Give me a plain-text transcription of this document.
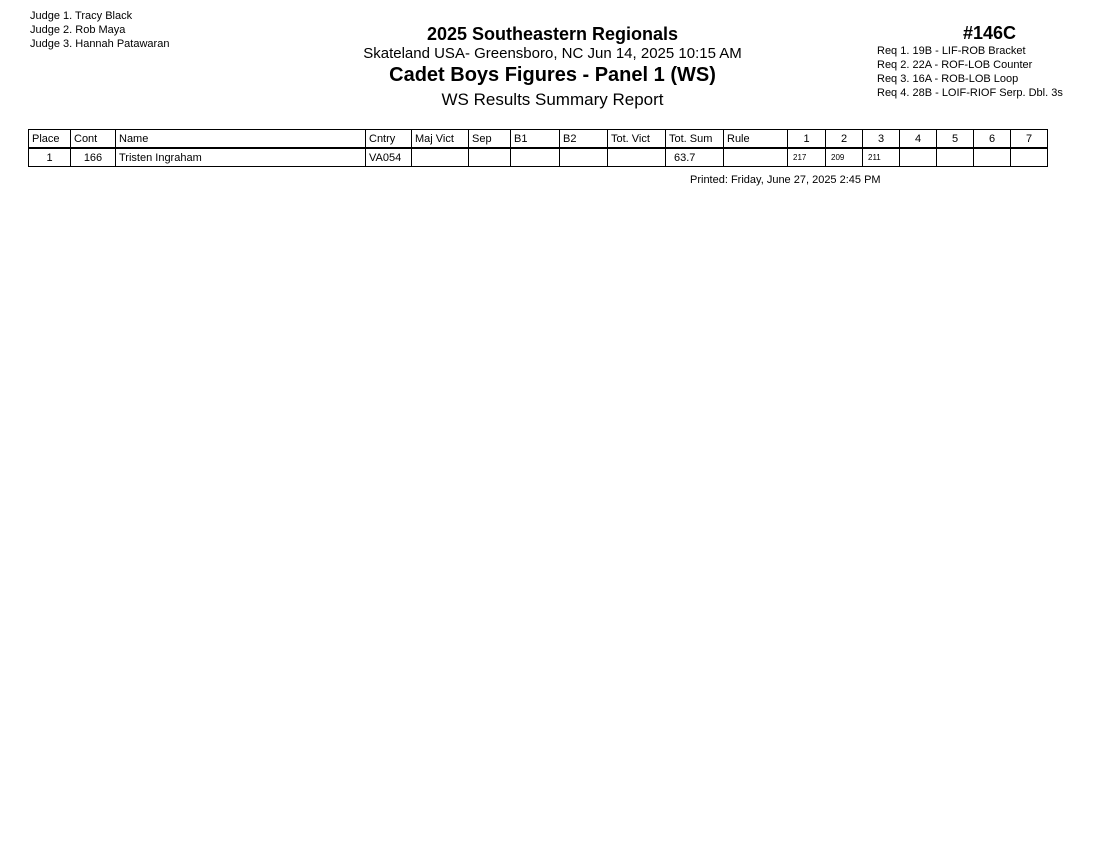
Judge 1. Tracy Black
Judge 2. Rob Maya
Judge 3. Hannah Patawaran	2025 Southeastern Regionals
Skateland USA- Greensboro, NC Jun 14, 2025 10:15 AM
Cadet Boys Figures - Panel 1 (WS)
WS Results Summary Report
#146C
Req 1. 19B - LIF-ROB Bracket
Req 2. 22A - ROF-LOB Counter
Req 3. 16A - ROB-LOB Loop
Req 4. 28B - LOIF-RIOF Serp. Dbl. 3s
Place	Cont	Name	Cntry	Maj Vict	Sep	B1	B2	Tot. Vict	Tot. Sum	Rule	1	2	3	4	5	6	7
1	166	Tristen Ingraham	VA054						63.7		217	209	211				
Printed: Friday, June 27, 2025 2:45 PM
